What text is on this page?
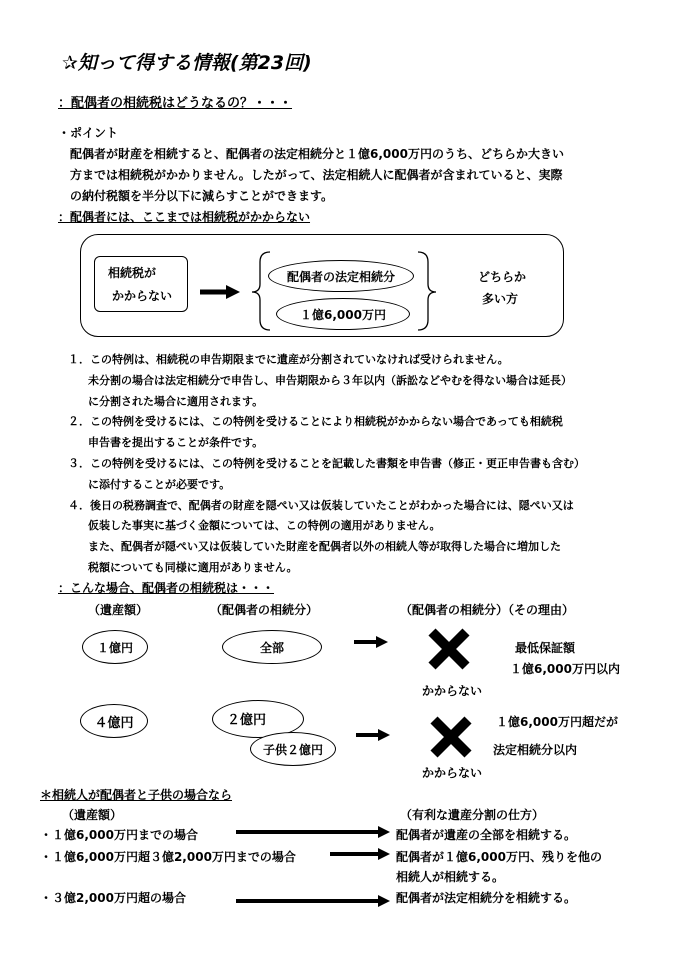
✰知って得する情報(第23回)
：配偶者の相続税はどうなるの？・・・
・ポイント
配偶者が財産を相続すると、配偶者の法定相続分と１億6,000万円のうち、どちらか大きい
方までは相続税がかかりません。したがって、法定相続人に配偶者が含まれていると、実際
の納付税額を半分以下に減らすことができます。
：配偶者には、ここまでは相続税がかからない
相続税が
かからない
配偶者の法定相続分
１億6,000万円
どちらか
多い方
１．この特例は、相続税の申告期限までに遺産が分割されていなければ受けられません。
未分割の場合は法定相続分で申告し、申告期限から３年以内（訴訟などやむを得ない場合は延長）
に分割された場合に適用されます。
２．この特例を受けるには、この特例を受けることにより相続税がかからない場合であっても相続税
申告書を提出することが条件です。
３．この特例を受けるには、この特例を受けることを記載した書類を申告書（修正・更正申告書も含む）
に添付することが必要です。
４．後日の税務調査で、配偶者の財産を隠ぺい又は仮装していたことがわかった場合には、隠ぺい又は
仮装した事実に基づく金額については、この特例の適用がありません。
また、配偶者が隠ぺい又は仮装していた財産を配偶者以外の相続人等が取得した場合に増加した
税額についても同様に適用がありません。
：こんな場合、配偶者の相続税は・・・
（遺産額）	（配偶者の相続分）	（配偶者の相続分）（その理由）
１億円	全部	最低保証額
１億6,000万円以内
かからない
４億円	２億円
子供２億円
１億6,000万円超だが
法定相続分以内
かからない
＊相続人が配偶者と子供の場合なら
（遺産額）	（有利な遺産分割の仕方）
・１億6,000万円までの場合	配偶者が遺産の全部を相続する。
・１億6,000万円超３億2,000万円までの場合	配偶者が１億6,000万円、残りを他の
相続人が相続する。
・３億2,000万円超の場合	配偶者が法定相続分を相続する。
